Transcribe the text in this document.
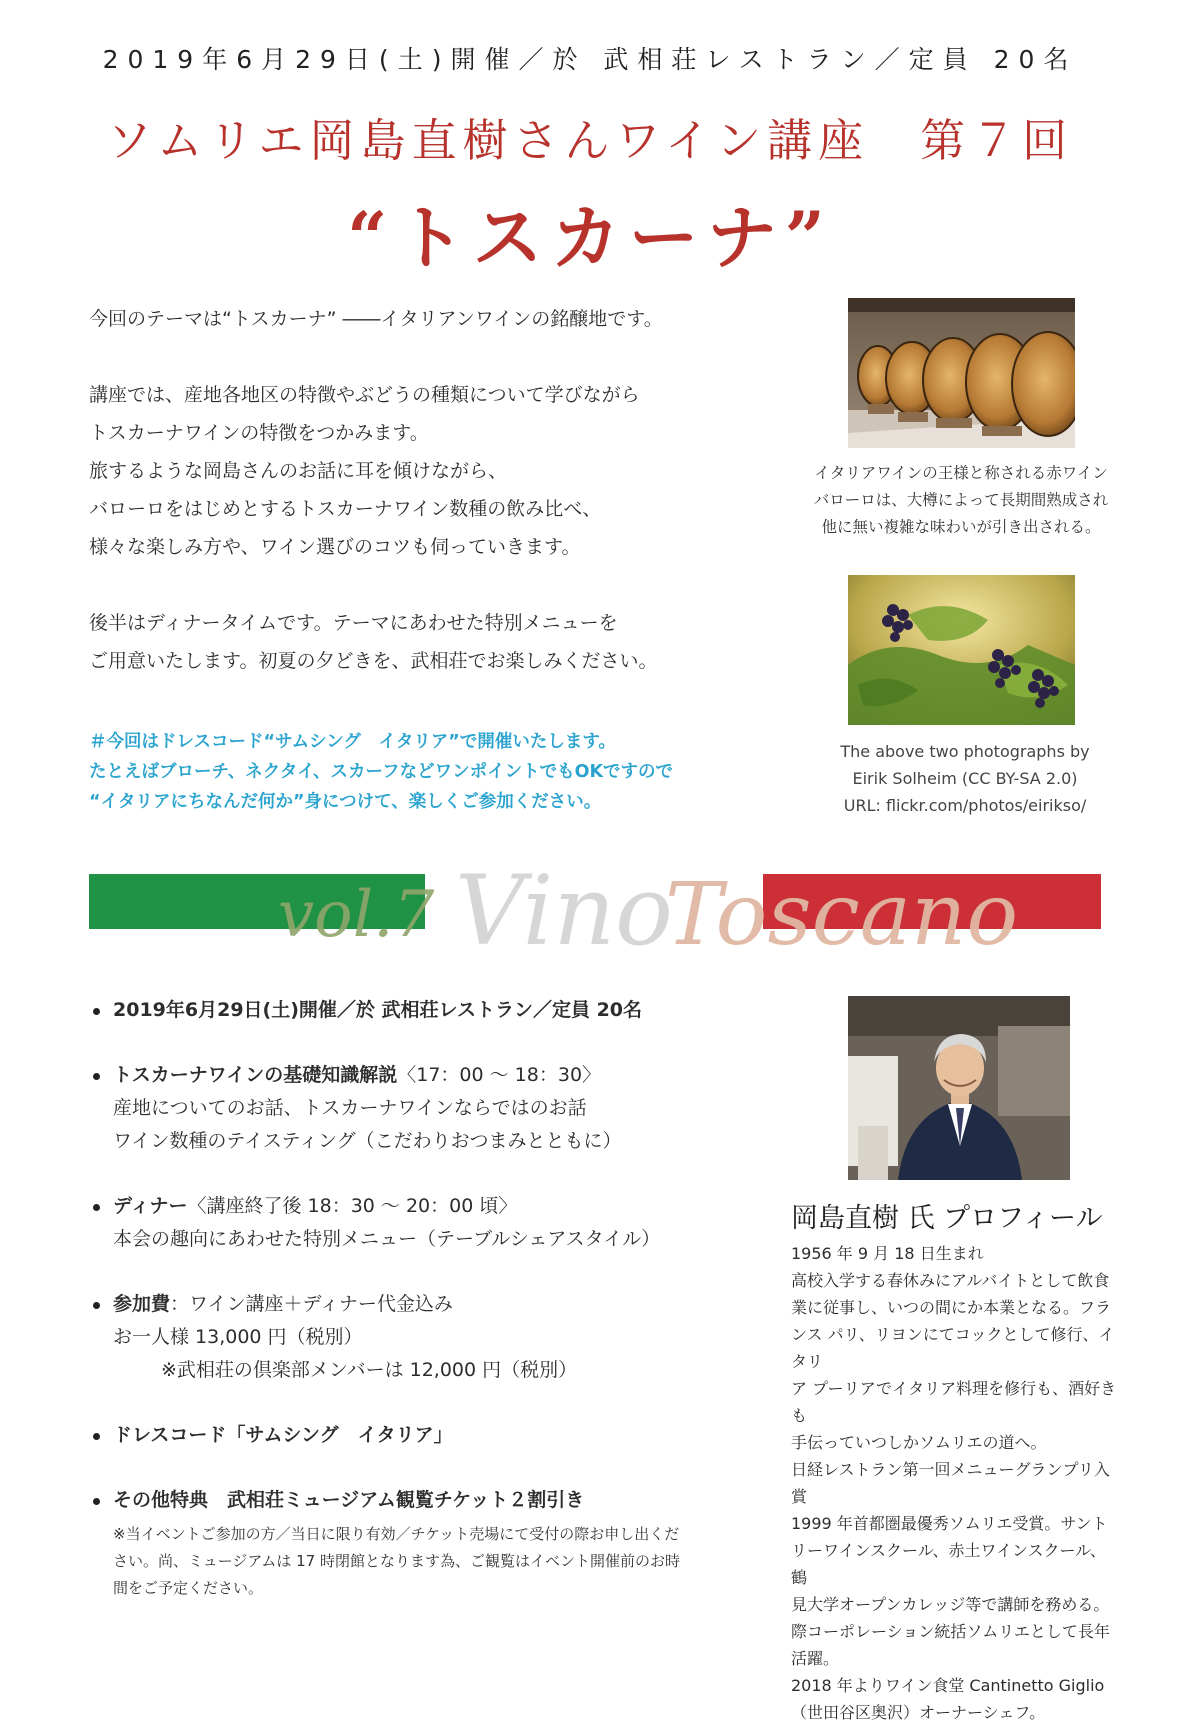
2019年6月29日(土)開催／於 武相荘レストラン／定員 20名
ソムリエ岡島直樹さんワイン講座　第７回
“トスカーナ”

今回のテーマは“トスカーナ” ――イタリアンワインの銘醸地です。

講座では、産地各地区の特徴やぶどうの種類について学びながら

トスカーナワインの特徴をつかみます。

旅するような岡島さんのお話に耳を傾けながら、

バローロをはじめとするトスカーナワイン数種の飲み比べ、

様々な楽しみ方や、ワイン選びのコツも伺っていきます。

後半はディナータイムです。テーマにあわせた特別メニューを

ご用意いたします。初夏の夕どきを、武相荘でお楽しみください。

＃今回はドレスコード“サムシング　イタリア”で開催いたします。
たとえばブローチ、ネクタイ、スカーフなどワンポイントでもOKですので
“イタリアにちなんだ何か”身につけて、楽しくご参加ください。
イタリアワインの王様と称される赤ワイン
バローロは、大樽によって長期間熟成され
他に無い複雑な味わいが引き出される。
The above two photographs by
Eirik Solheim (CC BY-SA 2.0)
URL: flickr.com/photos/eirikso/
vol.7 Vino
Toscano
2019年6月29日(土)開催／於 武相荘レストラン／定員 20名
トスカーナワインの基礎知識解説〈17：00 ～ 18：30〉
産地についてのお話、トスカーナワインならではのお話
ワイン数種のテイスティング（こだわりおつまみとともに）
ディナー〈講座終了後 18：30 ～ 20：00 頃〉
本会の趣向にあわせた特別メニュー（テーブルシェアスタイル）
参加費：ワイン講座＋ディナー代金込み
お一人様 13,000 円（税別）
※武相荘の倶楽部メンバーは 12,000 円（税別）
ドレスコード「サムシング　イタリア」
その他特典　武相荘ミュージアム観覧チケット２割引き
※当イベントご参加の方／当日に限り有効／チケット売場にて受付の際お申し出くだ
さい。尚、ミュージアムは 17 時閉館となります為、ご観覧はイベント開催前のお時
間をご予定ください。
岡島直樹 氏 プロフィール

1956 年 9 月 18 日生まれ

高校入学する春休みにアルバイトとして飲食

業に従事し、いつの間にか本業となる。フラ

ンス パリ、リヨンにてコックとして修行、イタリ

ア プーリアでイタリア料理を修行も、酒好きも

手伝っていつしかソムリエの道へ。

日経レストラン第一回メニューグランプリ入賞

1999 年首都圏最優秀ソムリエ受賞。サント

リーワインスクール、赤土ワインスクール、鶴

見大学オープンカレッジ等で講師を務める。

際コーポレーション統括ソムリエとして長年活躍。

2018 年よりワイン食堂 Cantinetto Giglio

（世田谷区奥沢）オーナーシェフ。
